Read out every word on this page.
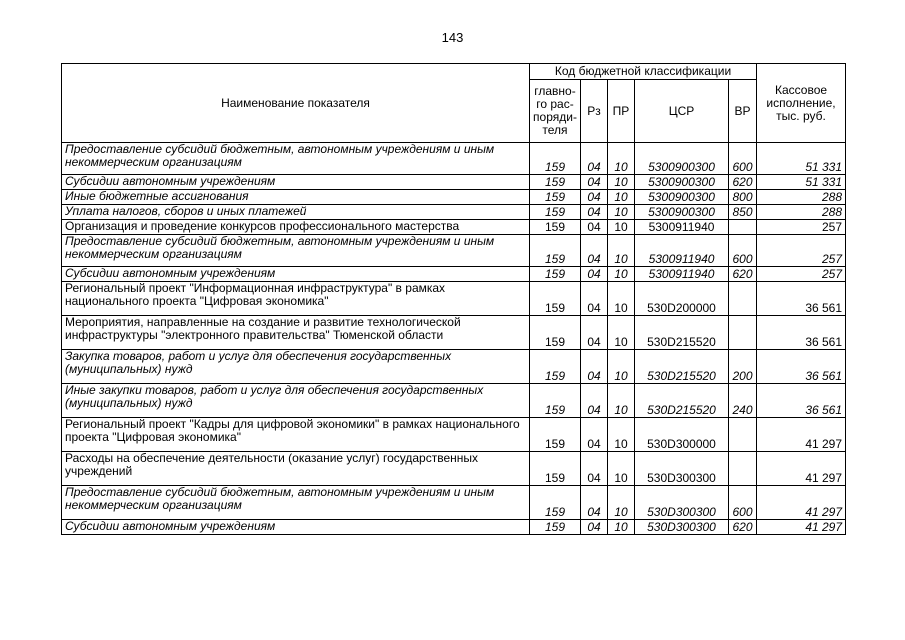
143
Наименование показателя	Код бюджетной классификации					Кассовое исполнение, тыс. руб.
	главно-го рас-поряди-теля	Рз	ПР	ЦСР	ВР	
Предоставление субсидий бюджетным, автономным учреждениям и иным некоммерческим организациям	159	04	10	5300900300	600	51 331
Субсидии автономным учреждениям	159	04	10	5300900300	620	51 331
Иные бюджетные ассигнования	159	04	10	5300900300	800	288
Уплата налогов, сборов и иных платежей	159	04	10	5300900300	850	288
Организация и проведение конкурсов профессионального мастерства	159	04	10	5300911940		257
Предоставление субсидий бюджетным, автономным учреждениям и иным некоммерческим организациям	159	04	10	5300911940	600	257
Субсидии автономным учреждениям	159	04	10	5300911940	620	257
Региональный проект "Информационная инфраструктура" в рамках национального проекта "Цифровая экономика"	159	04	10	530D200000		36 561
Мероприятия, направленные на создание и развитие технологической инфраструктуры "электронного правительства" Тюменской области	159	04	10	530D215520		36 561
Закупка товаров, работ и услуг для обеспечения государственных (муниципальных) нужд	159	04	10	530D215520	200	36 561
Иные закупки товаров, работ и услуг для обеспечения государственных (муниципальных) нужд	159	04	10	530D215520	240	36 561
Региональный проект "Кадры для цифровой экономики" в рамках национального проекта "Цифровая экономика"	159	04	10	530D300000		41 297
Расходы на обеспечение деятельности (оказание услуг) государственных учреждений	159	04	10	530D300300		41 297
Предоставление субсидий бюджетным, автономным учреждениям и иным некоммерческим организациям	159	04	10	530D300300	600	41 297
Субсидии автономным учреждениям	159	04	10	530D300300	620	41 297
